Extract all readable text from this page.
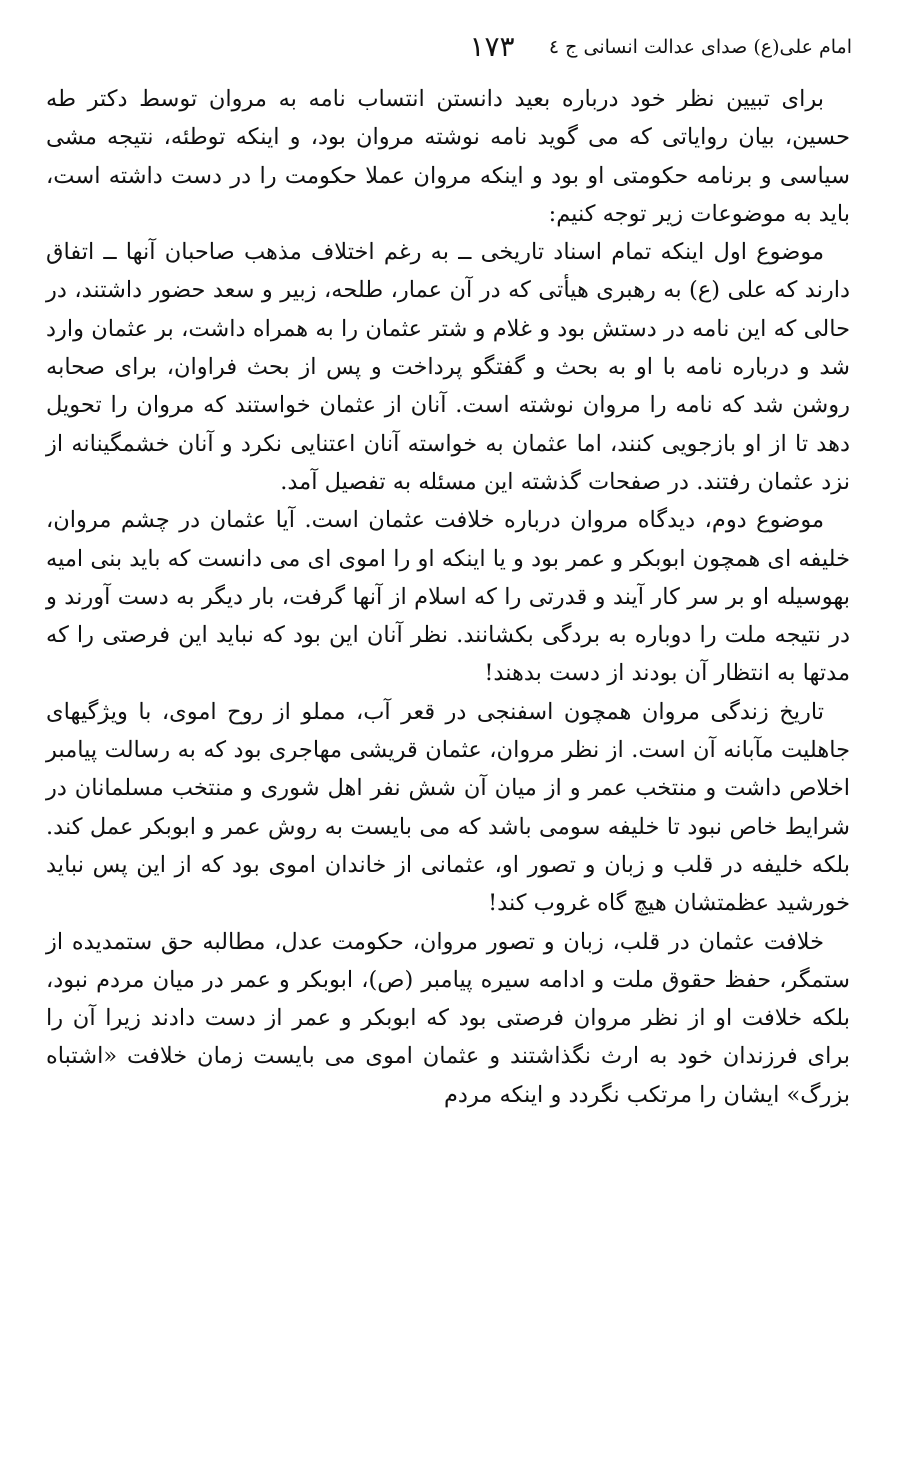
امام علی(ع) صدای عدالت انسانی ج ٤
١٧٣

برای تبیین نظر خود درباره بعید دانستن انتساب نامه به مروان توسط دکتر طه حسین، بیان روایاتی که می گوید نامه نوشته مروان بود، و اینکه توطئه، نتیجه مشی سیاسی و برنامه حکومتی او بود و اینکه مروان عملا حکومت را در دست داشته است، باید به موضوعات زیر توجه کنیم:

موضوع اول اینکه تمام اسناد تاریخی ــ به رغم اختلاف مذهب صاحبان آنها ــ اتفاق دارند که علی (ع) به رهبری هیأتی که در آن عمار، طلحه، زبیر و سعد حضور داشتند، در حالی که این نامه در دستش بود و غلام و شتر عثمان را به همراه داشت، بر عثمان وارد شد و درباره نامه با او به بحث و گفتگو پرداخت و پس از بحث فراوان، برای صحابه روشن شد که نامه را مروان نوشته است. آنان از عثمان خواستند که مروان را تحویل دهد تا از او بازجویی کنند، اما عثمان به خواسته آنان اعتنایی نکرد و آنان خشمگینانه از نزد عثمان رفتند. در صفحات گذشته این مسئله به تفصیل آمد.

موضوع دوم، دیدگاه مروان درباره خلافت عثمان است. آیا عثمان در چشم مروان، خلیفه ای همچون ابوبکر و عمر بود و یا اینکه او را اموی ای می دانست که باید بنی امیه بهوسیله او بر سر کار آیند و قدرتی را که اسلام از آنها گرفت، بار دیگر به دست آورند و در نتیجه ملت را دوباره به بردگی بکشانند. نظر آنان این بود که نباید این فرصتی را که مدتها به انتظار آن بودند از دست بدهند!

تاریخ زندگی مروان همچون اسفنجی در قعر آب، مملو از روح اموی، با ویژگیهای جاهلیت مآبانه آن است. از نظر مروان، عثمان قریشی مهاجری بود که به رسالت پیامبر اخلاص داشت و منتخب عمر و از میان آن شش نفر اهل شوری و منتخب مسلمانان در شرایط خاص نبود تا خلیفه سومی باشد که می بایست به روش عمر و ابوبکر عمل کند. بلکه خلیفه در قلب و زبان و تصور او، عثمانی از خاندان اموی بود که از این پس نباید خورشید عظمتشان هیچ گاه غروب کند!

خلافت عثمان در قلب، زبان و تصور مروان، حکومت عدل، مطالبه حق ستمدیده از ستمگر، حفظ حقوق ملت و ادامه سیره پیامبر (ص)، ابوبکر و عمر در میان مردم نبود، بلکه خلافت او از نظر مروان فرصتی بود که ابوبکر و عمر از دست دادند زیرا آن را برای فرزندان خود به ارث نگذاشتند و عثمان اموی می بایست زمان خلافت «اشتباه بزرگ» ایشان را مرتکب نگردد و اینکه مردم
